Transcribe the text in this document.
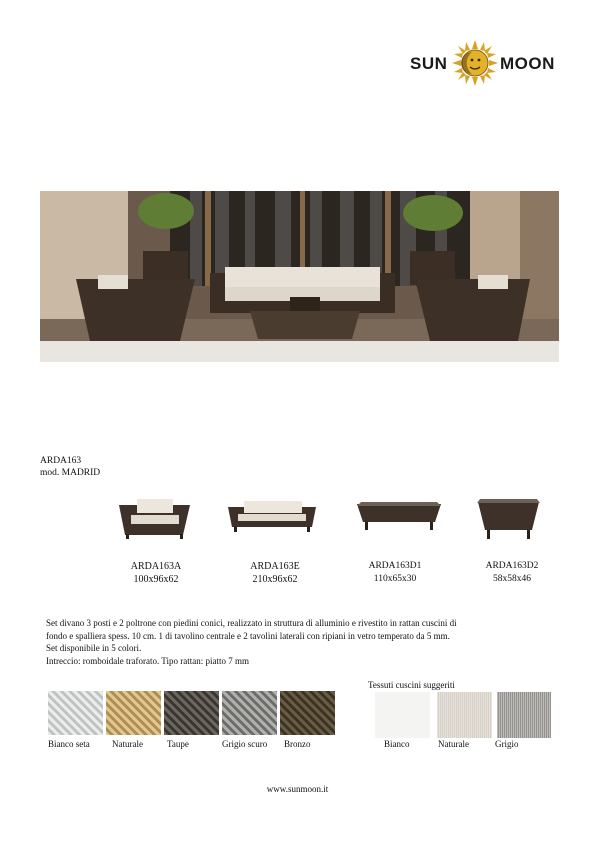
SUN	MOON
ARDA163
mod. MADRID
ARDA163A
100x96x62
ARDA163E
210x96x62
ARDA163D1
110x65x30
ARDA163D2
58x58x46

Set divano 3 posti e 2 poltrone con piedini conici, realizzato in struttura di alluminio e rivestito in rattan cuscini di

fondo e spalliera spess. 10 cm. 1 di tavolino centrale e 2 tavolini laterali con ripiani in vetro temperato da 5 mm.

Set disponibile in 5 colori.

Intreccio: romboidale traforato. Tipo rattan: piatto 7 mm

Bianco seta Naturale	Taupe	Grigio scuro Bronzo
Tessuti cuscini suggeriti
Bianco	Naturale	Grigio
www.sunmoon.it
